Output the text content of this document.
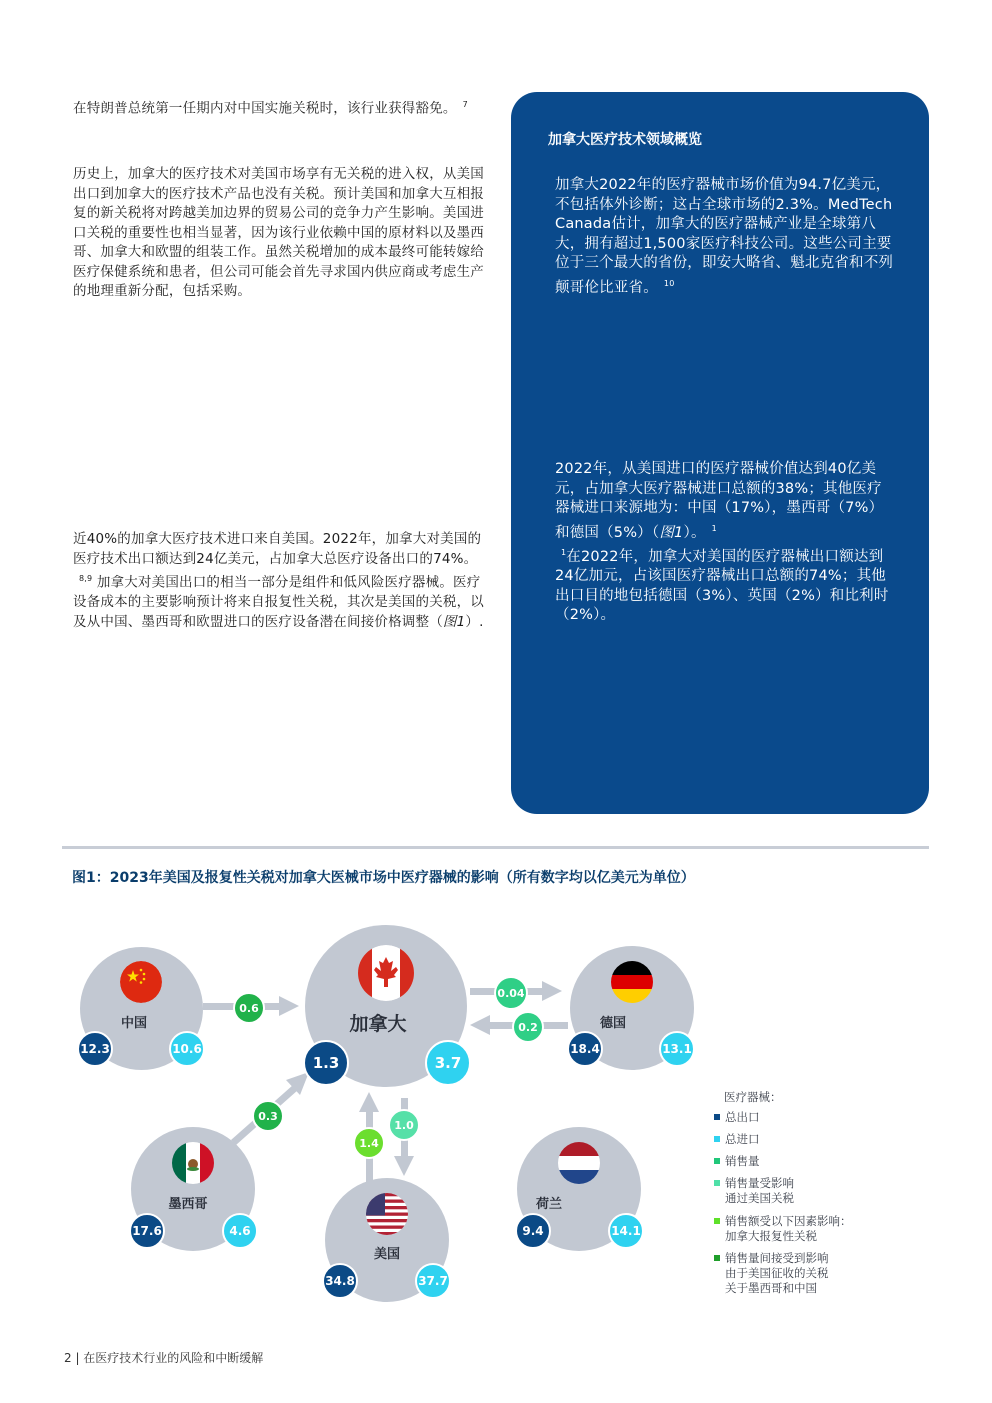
在特朗普总统第一任期内对中国实施关税时，该行业获得豁免。 $^7$
历史上，加拿大的医疗技术对美国市场享有无关税的进入权，从美国出口到加拿大的医疗技术产品也没有关税。预计美国和加拿大互相报复的新关税将对跨越美加边界的贸易公司的竞争力产生影响。美国进口关税的重要性也相当显著，因为该行业依赖中国的原材料以及墨西哥、加拿大和欧盟的组装工作。虽然关税增加的成本最终可能转嫁给医疗保健系统和患者，但公司可能会首先寻求国内供应商或考虑生产的地理重新分配，包括采购。
近40%的加拿大医疗技术进口来自美国。2022年，加拿大对美国的医疗技术出口额达到24亿美元，占加拿大总医疗设备出口的74%。$^{8,9}$ 加拿大对美国出口的相当一部分是组件和低风险医疗器械。医疗设备成本的主要影响预计将来自报复性关税，其次是美国的关税，以及从中国、墨西哥和欧盟进口的医疗设备潜在间接价格调整（图1）.
加拿大医疗技术领域概览
加拿大2022年的医疗器械市场价值为94.7亿美元，不包括体外诊断；这占全球市场的2.3%。MedTech Canada估计，加拿大的医疗器械产业是全球第八大，拥有超过1,500家医疗科技公司。这些公司主要位于三个最大的省份，即安大略省、魁北克省和不列颠哥伦比亚省。 $^{10}$
2022年，从美国进口的医疗器械价值达到40亿美元，占加拿大医疗器械进口总额的38%；其他医疗器械进口来源地为：中国（17%），墨西哥（7%）和德国（5%）（图1）。 $^1$
$^1$在2022年，加拿大对美国的医疗器械出口额达到24亿加元，占该国医疗器械出口总额的74%；其他出口目的地包括德国（3%）、英国（2%）和比利时（2%）。
图1：2023年美国及报复性关税对加拿大医械市场中医疗器械的影响（所有数字均以亿美元为单位）
中国
12.3	10.6
加拿大
1.3	3.7
德国
18.4	13.1
墨西哥
17.6	4.6
美国
34.8	37.7
荷兰
9.4	14.1
0.6
0.04
0.2
0.3
1.4
1.0
医疗器械：
总出口
总进口
销售量
销售量受影响
通过美国关税
销售额受以下因素影响：
加拿大报复性关税
销售量间接受到影响
由于美国征收的关税
关于墨西哥和中国
2 | 在医疗技术行业的风险和中断缓解
